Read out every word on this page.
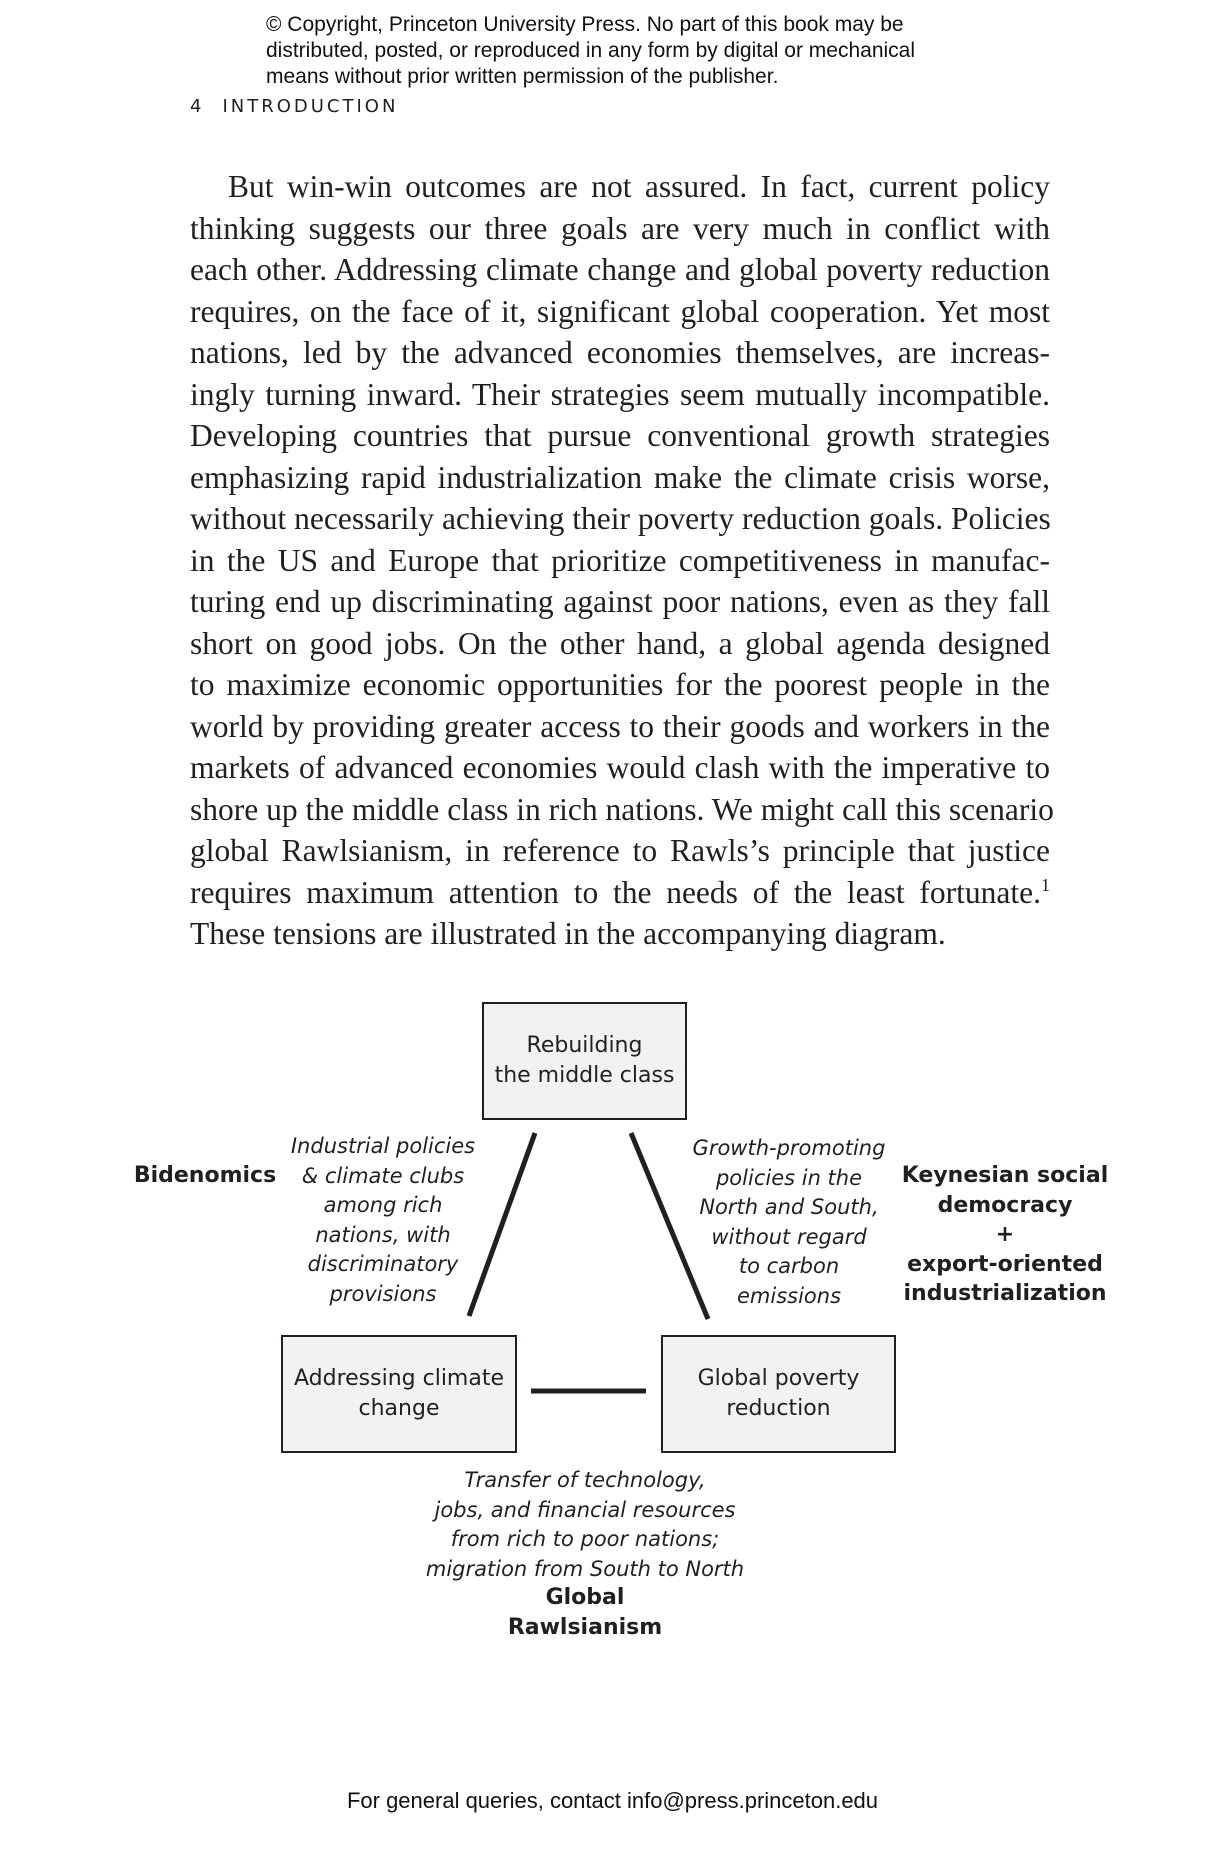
© Copyright, Princeton University Press. No part of this book may be
distributed, posted, or reproduced in any form by digital or mechanical
means without prior written permission of the publisher.
4 INTRODUCTION
But win-win outcomes are not assured. In fact, current policy
thinking suggests our three goals are very much in conflict with
each other. Addressing climate change and global poverty reduction
requires, on the face of it, significant global cooperation. Yet most
nations, led by the advanced economies themselves, are increas-
ingly turning inward. Their strategies seem mutually incompatible.
Developing countries that pursue conventional growth strategies
emphasizing rapid industrialization make the climate crisis worse,
without necessarily achieving their poverty reduction goals. Policies
in the US and Europe that prioritize competitiveness in manufac-
turing end up discriminating against poor nations, even as they fall
short on good jobs. On the other hand, a global agenda designed
to maximize economic opportunities for the poorest people in the
world by providing greater access to their goods and workers in the
markets of advanced economies would clash with the imperative to
shore up the middle class in rich nations. We might call this scenario
global Rawlsianism, in reference to Rawls’s principle that justice
requires maximum attention to the needs of the least fortunate.$^1$
These tensions are illustrated in the accompanying diagram.
Rebuilding
the middle class
Addressing climate
change
Global poverty
reduction
Industrial policies
& climate clubs
among rich
nations, with
discriminatory
provisions
Growth-promoting
policies in the
North and South,
without regard
to carbon
emissions
Transfer of technology,
jobs, and financial resources
from rich to poor nations;
migration from South to North
Bidenomics	Keynesian social
democracy
+
export-oriented
industrialization
Global
Rawlsianism
For general queries, contact info@press.princeton.edu
